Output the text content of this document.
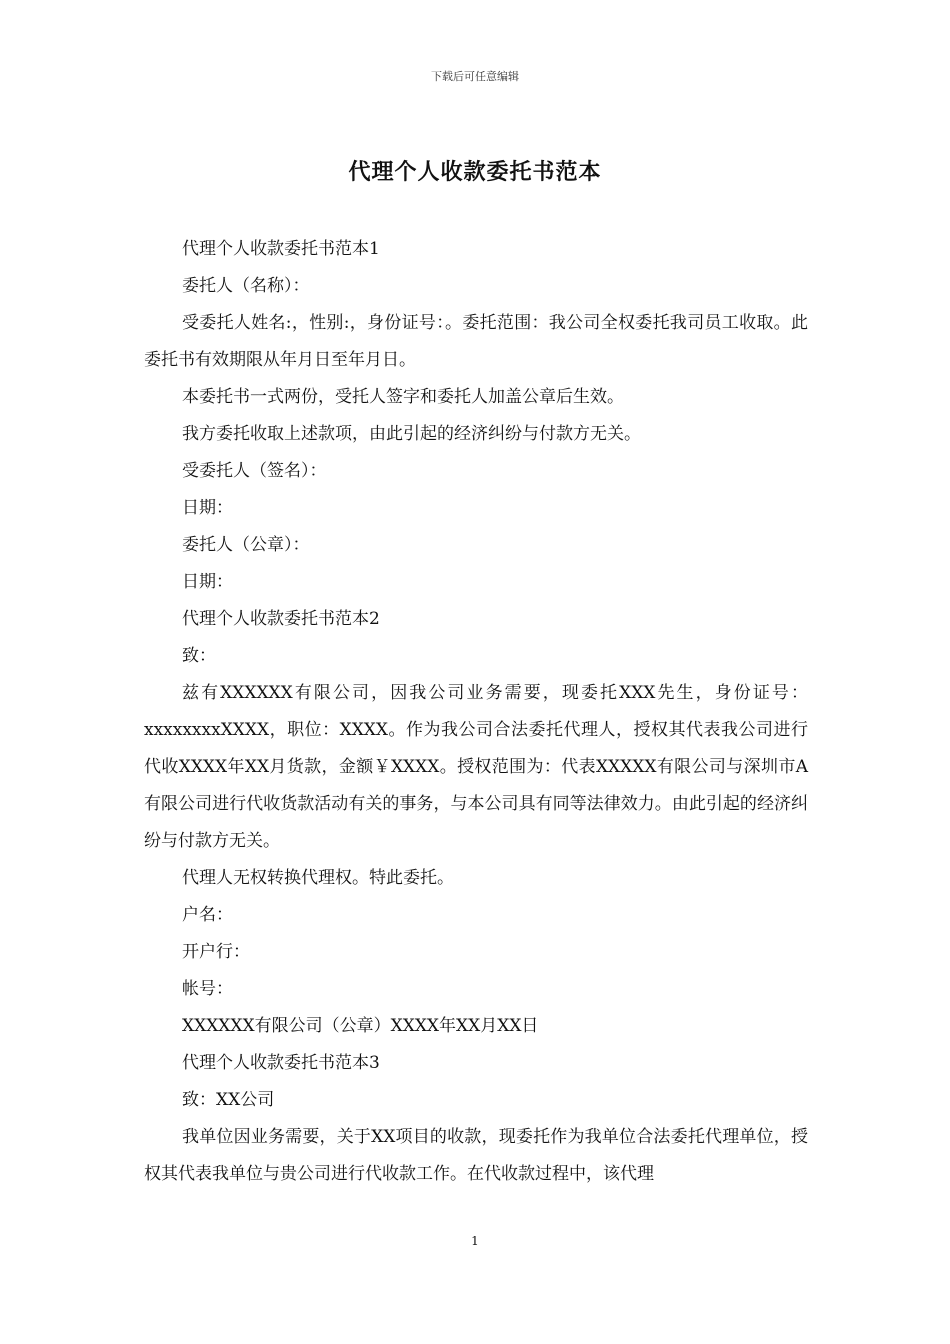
下载后可任意编辑
代理个人收款委托书范本

代理个人收款委托书范本1

委托人（名称）：

受委托人姓名:，性别:，身份证号：。委托范围：我公司全权委托我司员工收取。此委托书有效期限从年月日至年月日。

本委托书一式两份，受托人签字和委托人加盖公章后生效。

我方委托收取上述款项，由此引起的经济纠纷与付款方无关。

受委托人（签名）：

日期：

委托人（公章）：

日期：

代理个人收款委托书范本2

致：

兹有XXXXXX有限公司，因我公司业务需要，现委托XXX先生，身份证号：xxxxxxxxXXXX，职位：XXXX。作为我公司合法委托代理人，授权其代表我公司进行代收XXXX年XX月货款，金额￥XXXX。授权范围为：代表XXXXX有限公司与深圳市A有限公司进行代收货款活动有关的事务，与本公司具有同等法律效力。由此引起的经济纠纷与付款方无关。

代理人无权转换代理权。特此委托。

户名：

开户行：

帐号：

XXXXXX有限公司（公章）XXXX年XX月XX日

代理个人收款委托书范本3

致：XX公司

我单位因业务需要，关于XX项目的收款，现委托作为我单位合法委托代理单位，授权其代表我单位与贵公司进行代收款工作。在代收款过程中，该代理

1
